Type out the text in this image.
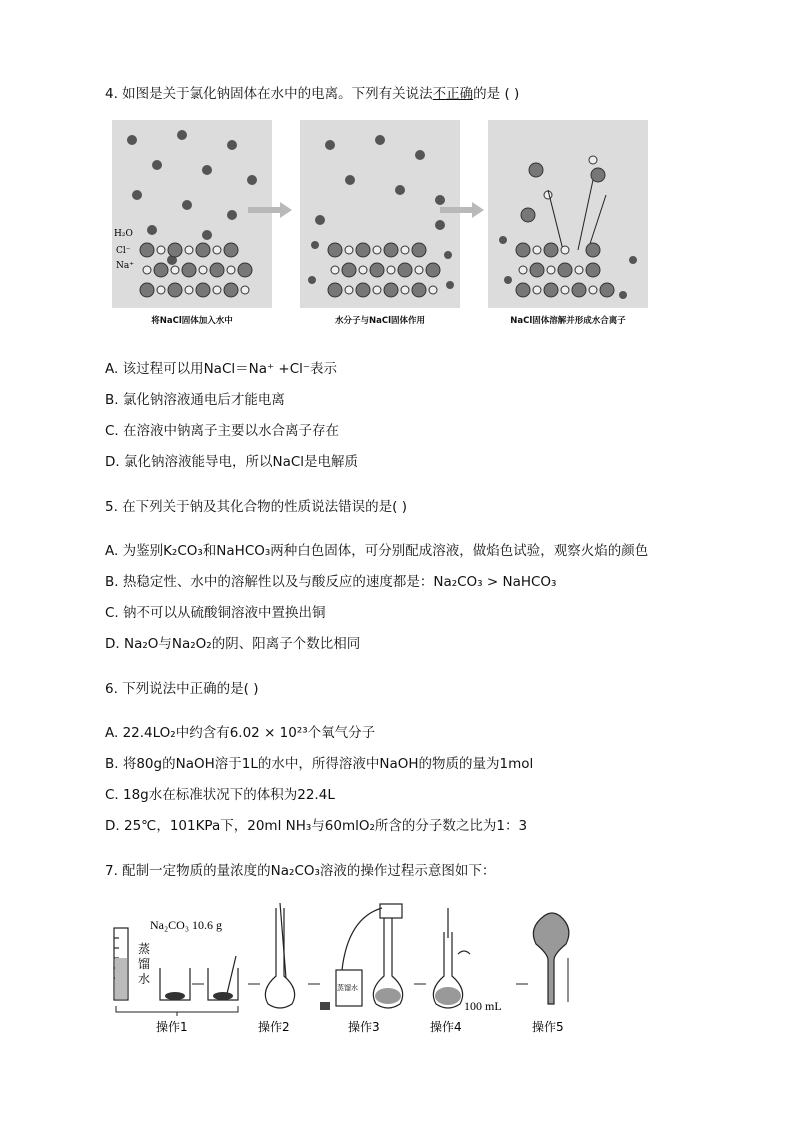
4. 如图是关于氯化钠固体在水中的电离。下列有关说法不正确的是 ( )
H₂O
Cl⁻
Na⁺
将NaCl固体加入水中	水分子与NaCl固体作用	NaCl固体溶解并形成水合离子
A. 该过程可以用NaCl＝Na⁺ +Cl⁻表示
B. 氯化钠溶液通电后才能电离
C. 在溶液中钠离子主要以水合离子存在
D. 氯化钠溶液能导电，所以NaCl是电解质
5. 在下列关于钠及其化合物的性质说法错误的是( )
A. 为鉴别K₂CO₃和NaHCO₃两种白色固体，可分别配成溶液，做焰色试验，观察火焰的颜色
B. 热稳定性、水中的溶解性以及与酸反应的速度都是：Na₂CO₃ > NaHCO₃
C. 钠不可以从硫酸铜溶液中置换出铜
D. Na₂O与Na₂O₂的阴、阳离子个数比相同
6. 下列说法中正确的是( )
A. 22.4LO₂中约含有6.02 × 10²³个氧气分子
B. 将80g的NaOH溶于1L的水中，所得溶液中NaOH的物质的量为1mol
C. 18g水在标准状况下的体积为22.4L
D. 25℃，101KPa下，20ml NH₃与60mlO₂所含的分子数之比为1：3
7. 配制一定物质的量浓度的Na₂CO₃溶液的操作过程示意图如下：
Na₂CO₃ 10.6 g
蒸
馏
水
操作1	操作2
蒸馏水
操作3
100 mL
操作4	操作5
